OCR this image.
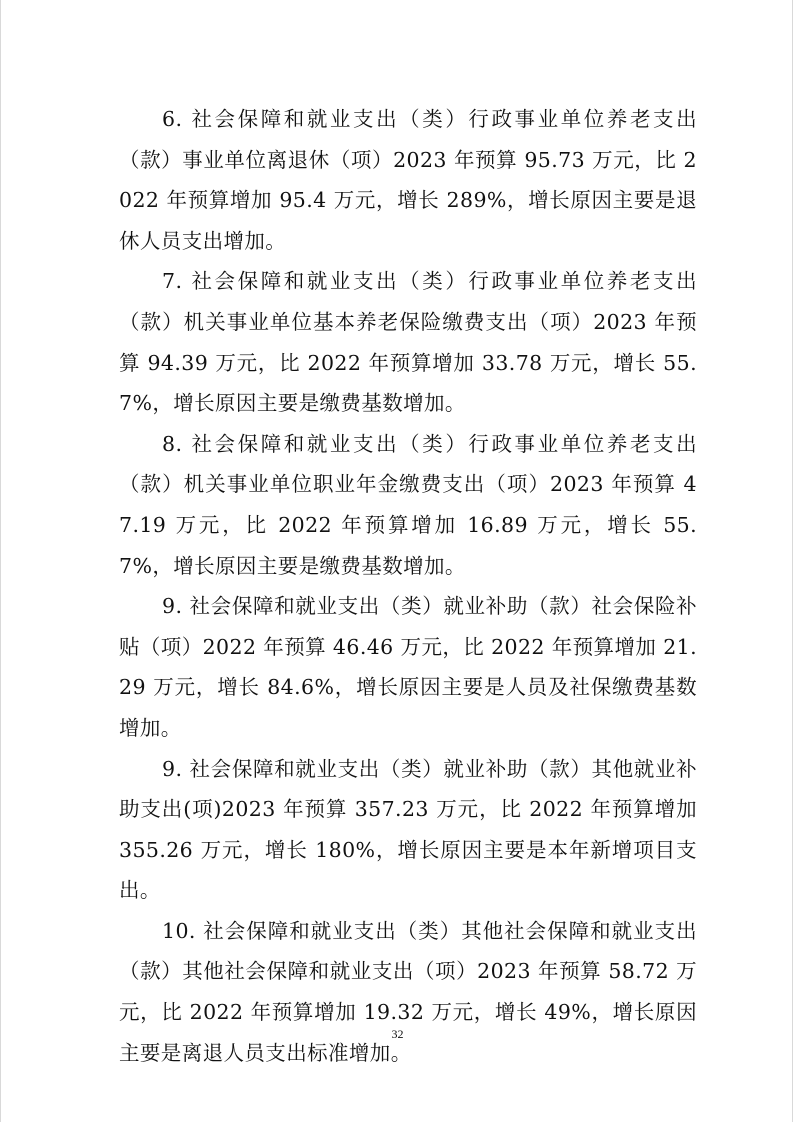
6. 社会保障和就业支出（类）行政事业单位养老支出（款）事业单位离退休（项）2023 年预算 95.73 万元，比 2022 年预算增加 95.4 万元，增长 289%，增长原因主要是退休人员支出增加。

7. 社会保障和就业支出（类）行政事业单位养老支出（款）机关事业单位基本养老保险缴费支出（项）2023 年预算 94.39 万元，比 2022 年预算增加 33.78 万元，增长 55.7%，增长原因主要是缴费基数增加。

8. 社会保障和就业支出（类）行政事业单位养老支出（款）机关事业单位职业年金缴费支出（项）2023 年预算 47.19 万元，比 2022 年预算增加 16.89 万元，增长 55.7%，增长原因主要是缴费基数增加。

9. 社会保障和就业支出（类）就业补助（款）社会保险补贴（项）2022 年预算 46.46 万元，比 2022 年预算增加 21.29 万元，增长 84.6%，增长原因主要是人员及社保缴费基数增加。

9. 社会保障和就业支出（类）就业补助（款）其他就业补助支出(项)2023 年预算 357.23 万元，比 2022 年预算增加 355.26 万元，增长 180%，增长原因主要是本年新增项目支出。

10. 社会保障和就业支出（类）其他社会保障和就业支出（款）其他社会保障和就业支出（项）2023 年预算 58.72 万元，比 2022 年预算增加 19.32 万元，增长 49%，增长原因主要是离退人员支出标准增加。

32
